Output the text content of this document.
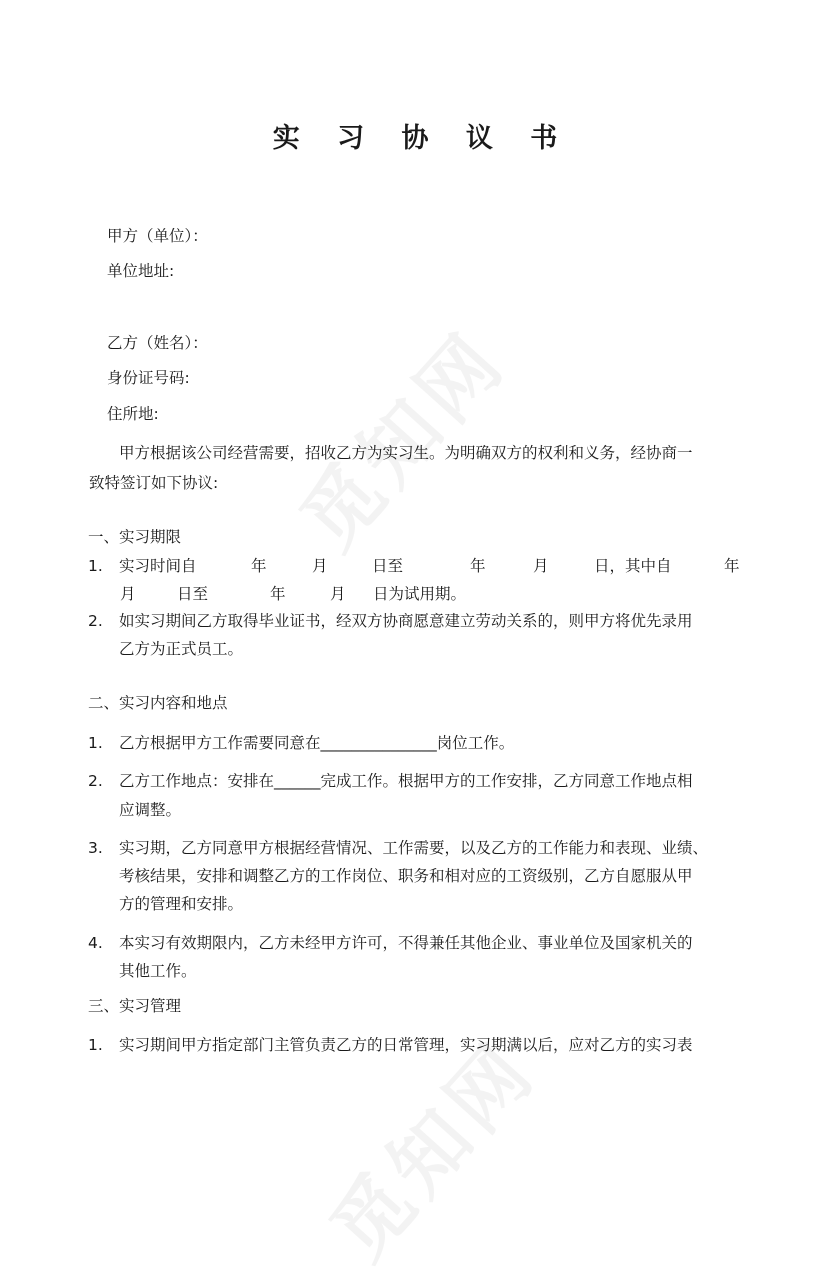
实 习 协 议 书
甲方（单位）：
单位地址:
乙方（姓名）：
身份证号码:
住所地:
甲方根据该公司经营需要，招收乙方为实习生。为明确双方的权利和义务，经协商一
致特签订如下协议:
一、实习期限
1. 实习时间自	年	月	日至	年	月	日，其中自	年
月	日至	年	月 日为试用期。
2. 如实习期间乙方取得毕业证书，经双方协商愿意建立劳动关系的，则甲方将优先录用
乙方为正式员工。
二、实习内容和地点
1. 乙方根据甲方工作需要同意在_______________岗位工作。
2. 乙方工作地点：安排在______完成工作。根据甲方的工作安排，乙方同意工作地点相
应调整。
3. 实习期，乙方同意甲方根据经营情况、工作需要，以及乙方的工作能力和表现、业绩、
考核结果，安排和调整乙方的工作岗位、职务和相对应的工资级别，乙方自愿服从甲
方的管理和安排。
4. 本实习有效期限内，乙方未经甲方许可，不得兼任其他企业、事业单位及国家机关的
其他工作。
三、实习管理
1. 实习期间甲方指定部门主管负责乙方的日常管理，实习期满以后，应对乙方的实习表
